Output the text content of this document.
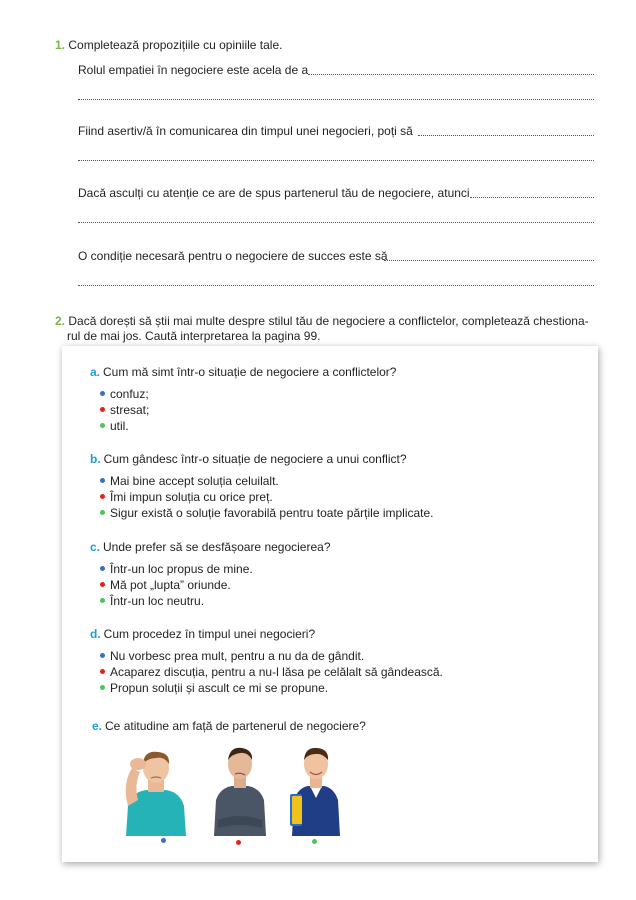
1. Completează propozițiile cu opiniile tale.
Rolul empatiei în negociere este acela de a
Fiind asertiv/ă în comunicarea din timpul unei negocieri, poți să
Dacă asculți cu atenție ce are de spus partenerul tău de negociere, atunci
O condiție necesară pentru o negociere de succes este să
2. Dacă dorești să știi mai multe despre stilul tău de negociere a conflictelor, completează chestiona-
rul de mai jos. Caută interpretarea la pagina 99.
a. Cum mă simt într-o situație de negociere a conflictelor?
confuz;
stresat;
util.
b. Cum gândesc într-o situație de negociere a unui conflict?
Mai bine accept soluția celuilalt.
Îmi impun soluția cu orice preț.
Sigur există o soluție favorabilă pentru toate părțile implicate.
c. Unde prefer să se desfășoare negocierea?
Într-un loc propus de mine.
Mă pot „lupta” oriunde.
Într-un loc neutru.
d. Cum procedez în timpul unei negocieri?
Nu vorbesc prea mult, pentru a nu da de gândit.
Acaparez discuția, pentru a nu-l lăsa pe celălalt să gândească.
Propun soluții și ascult ce mi se propune.
e. Ce atitudine am față de partenerul de negociere?
